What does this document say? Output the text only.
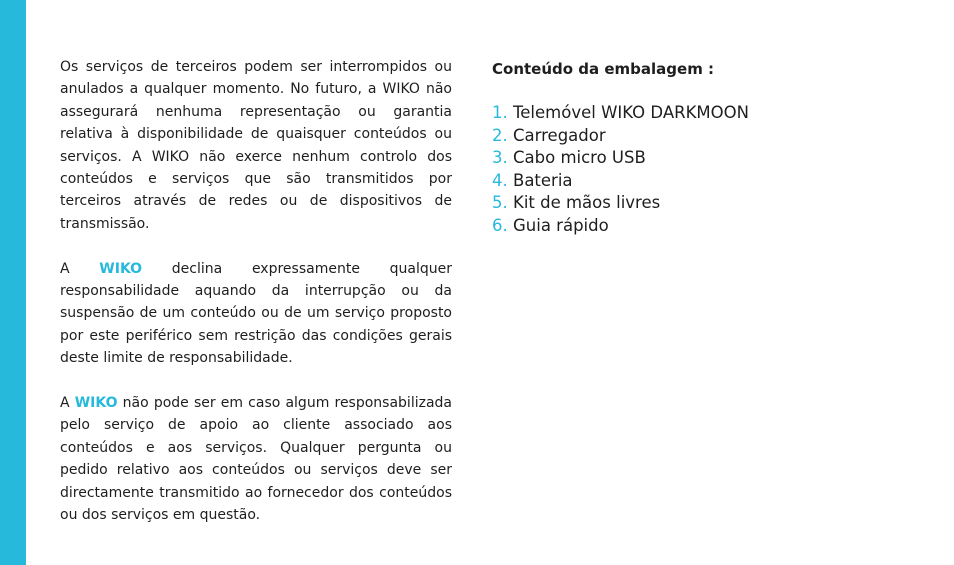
Os serviços de terceiros podem ser interrompidos ou anulados a qualquer momento. No futuro, a WIKO não assegurará nenhuma representação ou garantia relativa à disponibilidade de quaisquer conteúdos ou serviços. A WIKO não exerce nenhum controlo dos conteúdos e serviços que são transmitidos por terceiros através de redes ou de dispositivos de transmissão.

A WIKO declina expressamente qualquer responsabilidade aquando da interrupção ou da suspensão de um conteúdo ou de um serviço proposto por este periférico sem restrição das condições gerais deste limite de responsabilidade.

A WIKO não pode ser em caso algum responsabilizada pelo serviço de apoio ao cliente associado aos conteúdos e aos serviços. Qualquer pergunta ou pedido relativo aos conteúdos ou serviços deve ser directamente transmitido ao fornecedor dos conteúdos ou dos serviços em questão.

Conteúdo da embalagem :
1. Telemóvel WIKO DARKMOON
2. Carregador
3. Cabo micro USB
4. Bateria
5. Kit de mãos livres
6. Guia rápido
